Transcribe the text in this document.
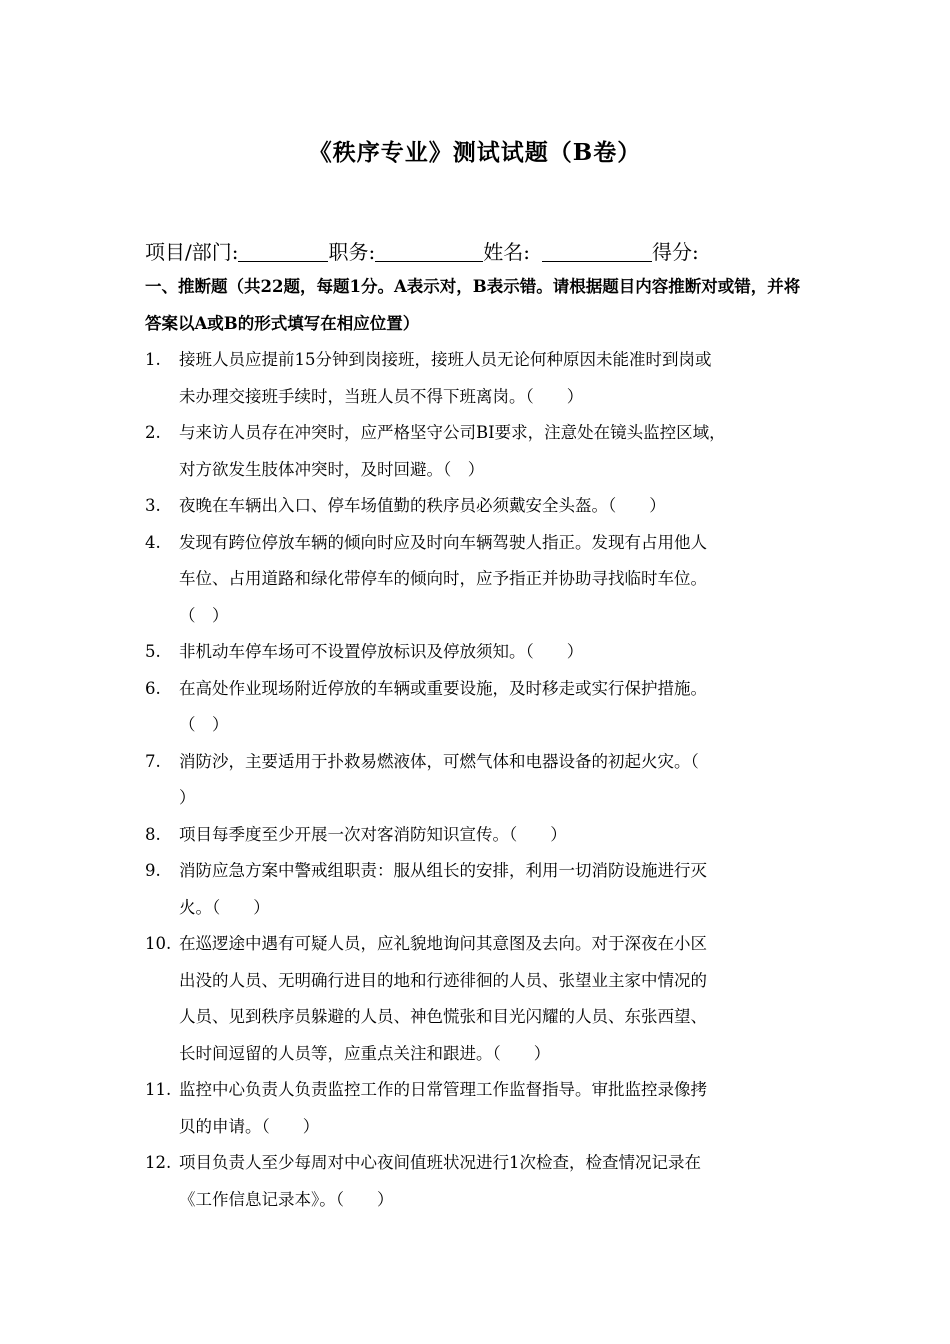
《秩序专业》测试试题（B卷）
项目/部门:	职务:	姓名:	得分:
一、推断题（共22题，每题1分。A表示对，B表示错。请根据题目内容推断对或错，并将答案以A或B的形式填写在相应位置）
1.	接班人员应提前15分钟到岗接班，接班人员无论何种原因未能准时到岗或
未办理交接班手续时，当班人员不得下班离岗。（　　）
2.	与来访人员存在冲突时，应严格坚守公司BI要求，注意处在镜头监控区域，
对方欲发生肢体冲突时，及时回避。（　）
3.	夜晚在车辆出入口、停车场值勤的秩序员必须戴安全头盔。（　　）
4.	发现有跨位停放车辆的倾向时应及时向车辆驾驶人指正。发现有占用他人
车位、占用道路和绿化带停车的倾向时，应予指正并协助寻找临时车位。
（　）
5.	非机动车停车场可不设置停放标识及停放须知。（　　）
6.	在高处作业现场附近停放的车辆或重要设施，及时移走或实行保护措施。
（　）
7.	消防沙，主要适用于扑救易燃液体，可燃气体和电器设备的初起火灾。（
）
8.	项目每季度至少开展一次对客消防知识宣传。（　　）
9.	消防应急方案中警戒组职责：服从组长的安排，利用一切消防设施进行灭
火。（　　）
10. 在巡逻途中遇有可疑人员，应礼貌地询问其意图及去向。对于深夜在小区
出没的人员、无明确行进目的地和行迹徘徊的人员、张望业主家中情况的
人员、见到秩序员躲避的人员、神色慌张和目光闪耀的人员、东张西望、
长时间逗留的人员等，应重点关注和跟进。（　　）
11. 监控中心负责人负责监控工作的日常管理工作监督指导。审批监控录像拷
贝的申请。（　　）
12. 项目负责人至少每周对中心夜间值班状况进行1次检查，检查情况记录在
《工作信息记录本》。（　　）
